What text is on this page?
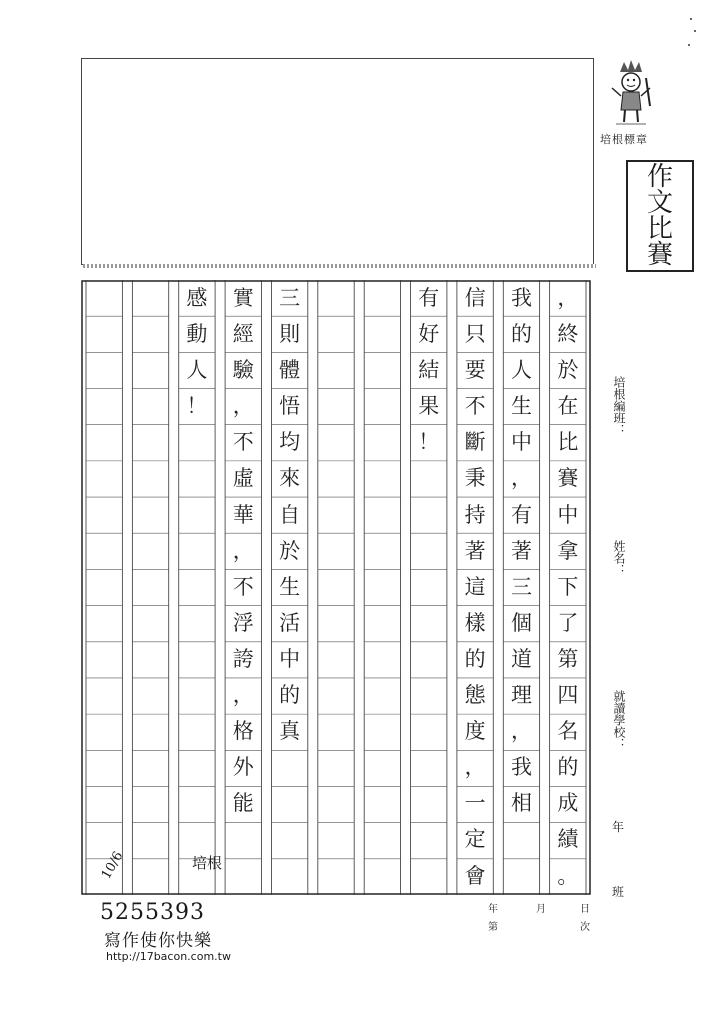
培根標章
作
文
比
賽
培根編班：
姓名：
就讀學校：
年
班
，
終
於
在
比
賽
中
拿
下
了
第
四
名
的
成
績
。
我
的
人
生
中
，
有
著
三
個
道
理
，
我
相
信
只
要
不
斷
秉
持
著
這
樣
的
態
度
，
一
定
會
有
好
結
果
！
三
則
體
悟
均
來
自
於
生
活
中
的
真
實
經
驗
，
不
虛
華
，
不
浮
誇
，
格
外
能
感
動
人
！
培根
10/6
年
第
月	日
次
5255393
寫作使你快樂
http://17bacon.com.tw
